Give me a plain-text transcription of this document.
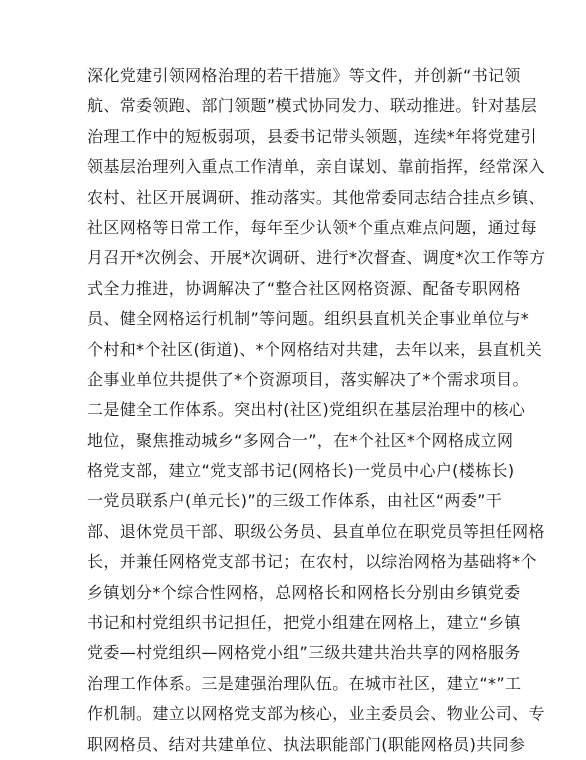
深化党建引领网格治理的若干措施》等文件，并创新“书记领
航、常委领跑、部门领题”模式协同发力、联动推进。针对基层
治理工作中的短板弱项，县委书记带头领题，连续*年将党建引
领基层治理列入重点工作清单，亲自谋划、靠前指挥，经常深入
农村、社区开展调研、推动落实。其他常委同志结合挂点乡镇、
社区网格等日常工作，每年至少认领*个重点难点问题，通过每
月召开*次例会、开展*次调研、进行*次督查、调度*次工作等方
式全力推进，协调解决了“整合社区网格资源、配备专职网格
员、健全网格运行机制”等问题。组织县直机关企事业单位与*
个村和*个社区(街道)、*个网格结对共建，去年以来，县直机关
企事业单位共提供了*个资源项目，落实解决了*个需求项目。
二是健全工作体系。突出村(社区)党组织在基层治理中的核心
地位，聚焦推动城乡“多网合一”，在*个社区*个网格成立网
格党支部，建立“党支部书记(网格长)一党员中心户(楼栋长)
一党员联系户(单元长)”的三级工作体系，由社区“两委”干
部、退休党员干部、职级公务员、县直单位在职党员等担任网格
长，并兼任网格党支部书记；在农村，以综治网格为基础将*个
乡镇划分*个综合性网格，总网格长和网格长分别由乡镇党委
书记和村党组织书记担任，把党小组建在网格上，建立“乡镇
党委—村党组织—网格党小组”三级共建共治共享的网格服务
治理工作体系。三是建强治理队伍。在城市社区，建立“*”工
作机制。建立以网格党支部为核心，业主委员会、物业公司、专
职网格员、结对共建单位、执法职能部门(职能网格员)共同参
